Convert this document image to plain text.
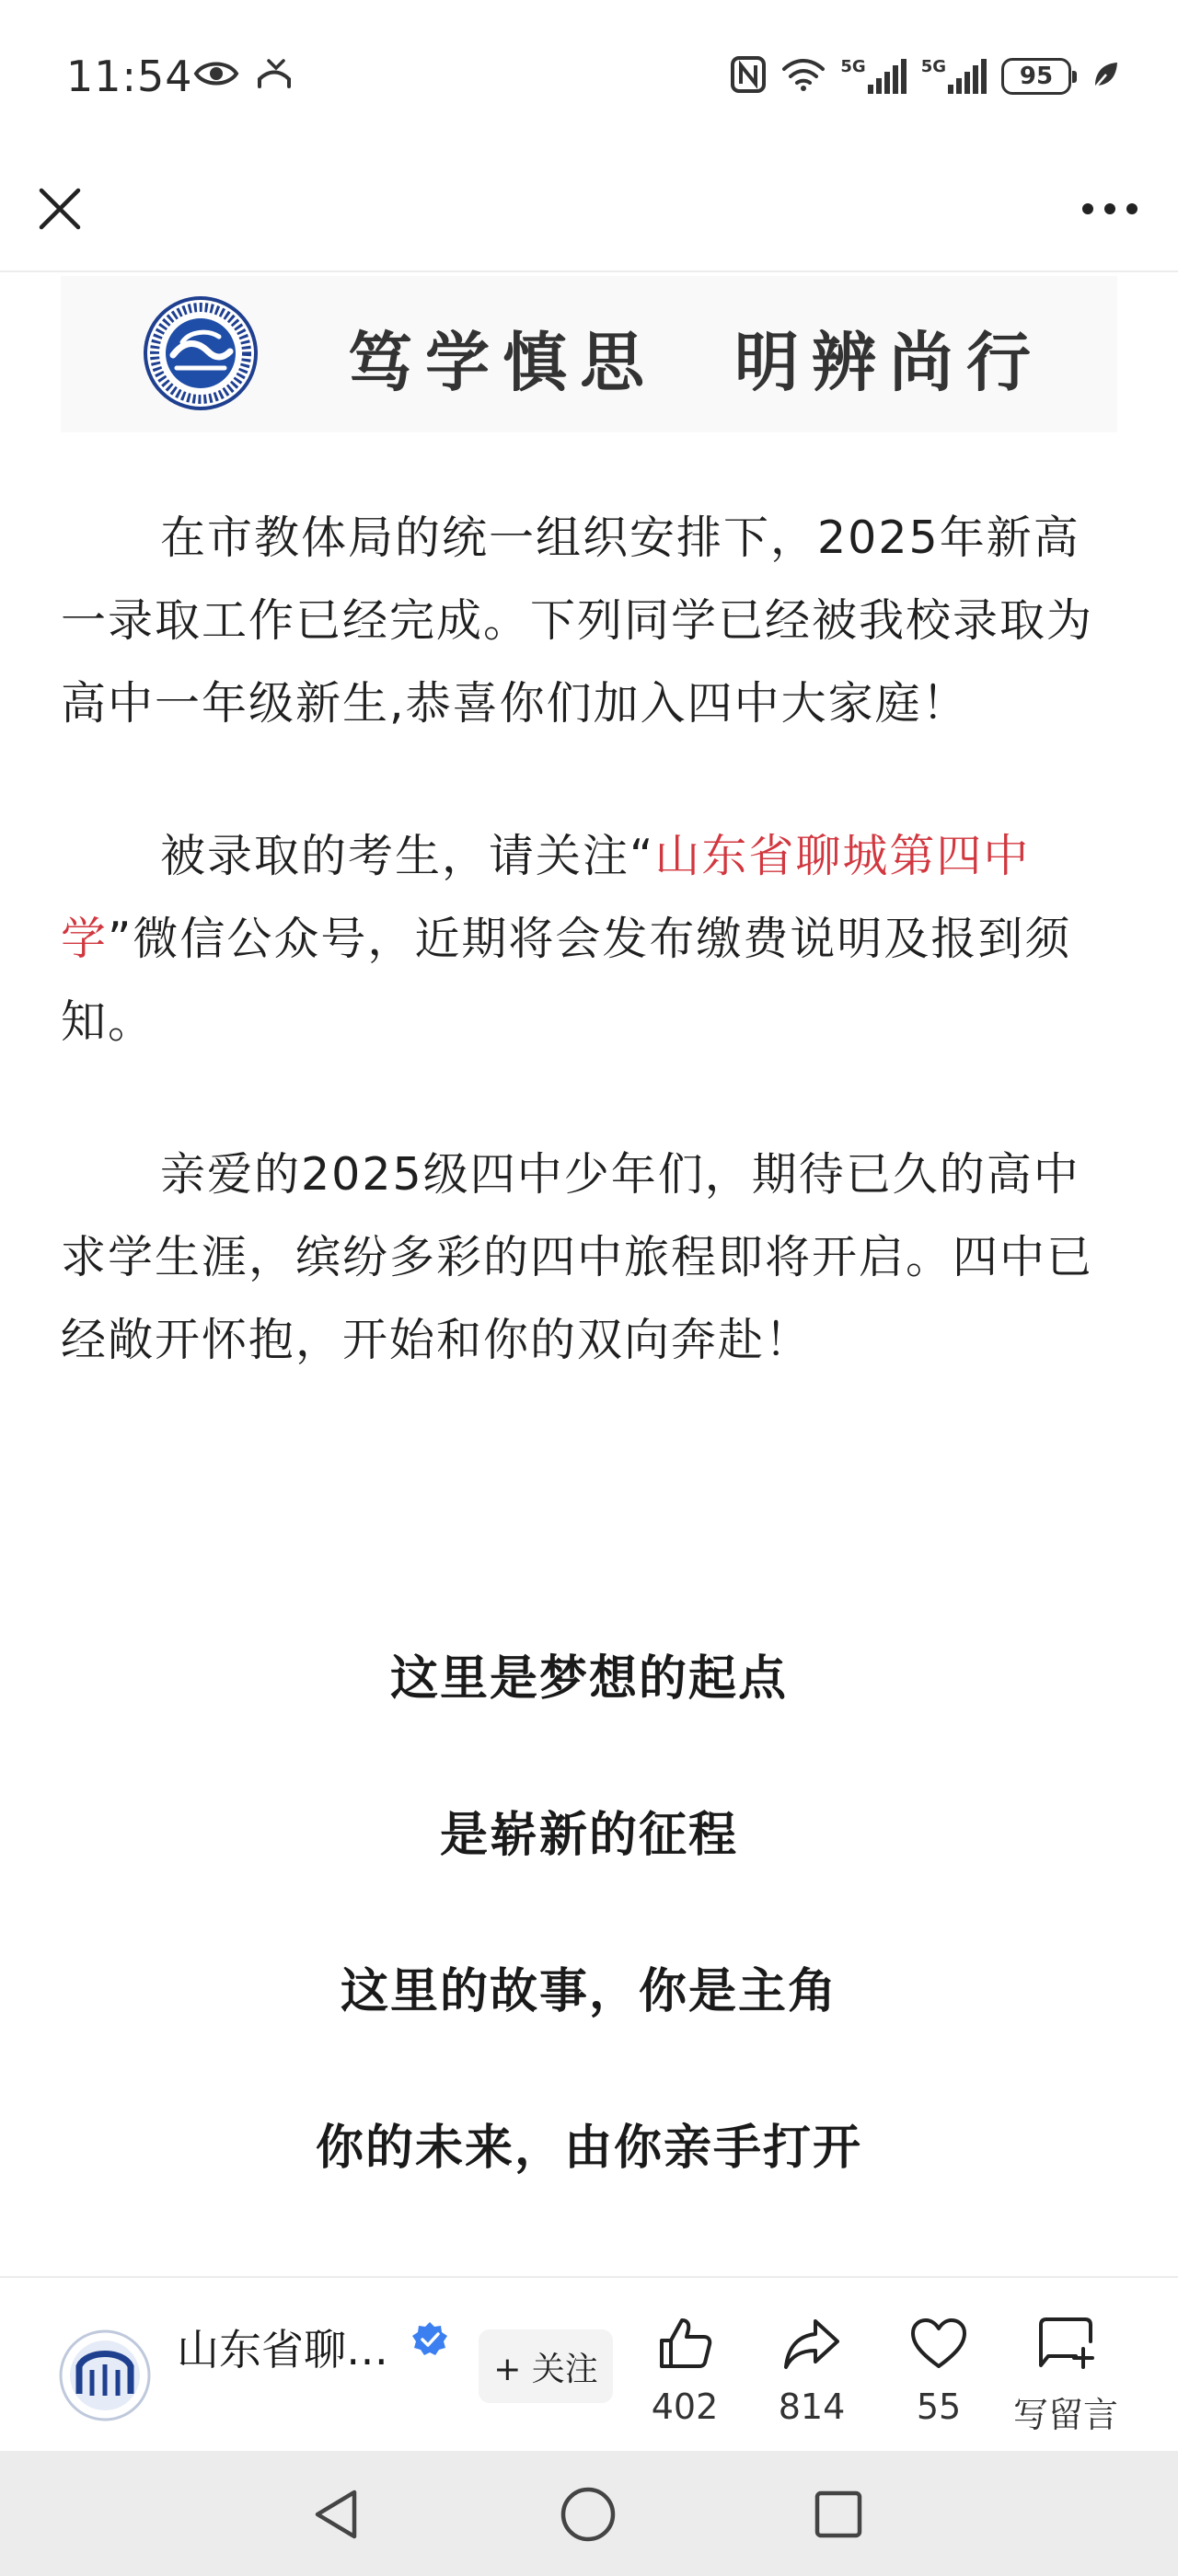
11:54	5G	5G	95
笃学慎思　明辨尚行

在市教体局的统一组织安排下，2025年新高一录取工作已经完成。下列同学已经被我校录取为高中一年级新生,恭喜你们加入四中大家庭！

被录取的考生，请关注“山东省聊城第四中学”微信公众号，近期将会发布缴费说明及报到须知。

亲爱的2025级四中少年们，期待已久的高中求学生涯，缤纷多彩的四中旅程即将开启。四中已经敞开怀抱，开始和你的双向奔赴！

这里是梦想的起点
是崭新的征程
这里的故事，你是主角
你的未来，由你亲手打开
山东省聊…	+ 关注
402	814	55	写留言
